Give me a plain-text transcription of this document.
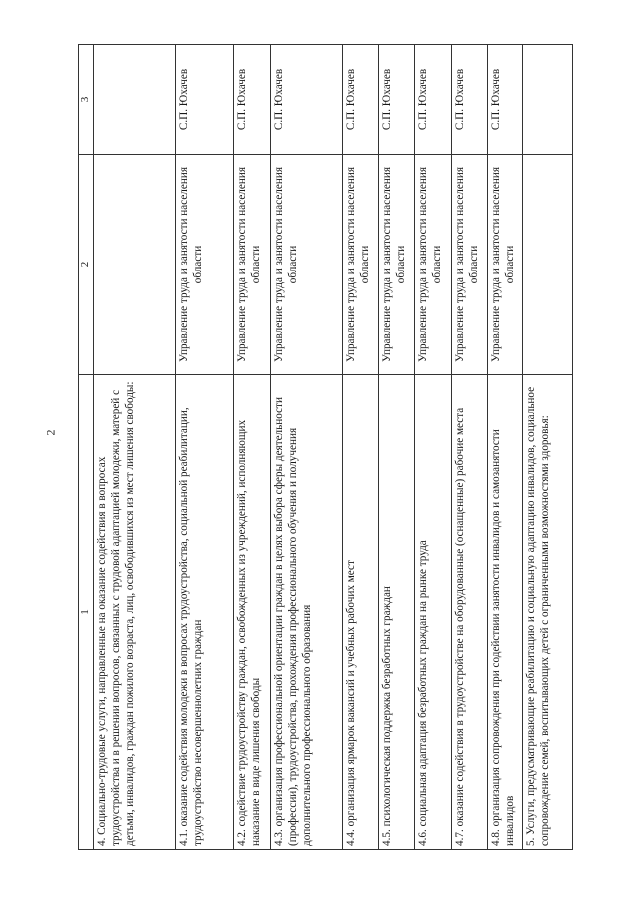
2
1	2	3
4. Социально-трудовые услуги, направленные на оказание содействия в вопросах трудоустройства и в решении вопросов, связанных с трудовой адаптацией молодежи, матерей с детьми, инвалидов, граждан пожилого возраста, лиц, освободившихся из мест лишения свободы:		
4.1. оказание содействия молодежи в вопросах трудоустройства, социальной реабилитации, трудоустройство несовершеннолетних граждан	Управление труда и занятости населения области	С.П. Юхачев
4.2. содействие трудоустройству граждан, освобожденных из учреждений, исполняющих наказание в виде лишения свободы	Управление труда и занятости населения области	С.П. Юхачев
4.3. организация профессиональной ориентации граждан в целях выбора сферы деятельности (профессии), трудоустройства, прохождения профессионального обучения и получения дополнительного профессионального образования	Управление труда и занятости населения области	С.П. Юхачев
4.4. организация ярмарок вакансий и учебных рабочих мест	Управление труда и занятости населения области	С.П. Юхачев
4.5. психологическая поддержка безработных граждан	Управление труда и занятости населения области	С.П. Юхачев
4.6. социальная адаптация безработных граждан на рынке труда	Управление труда и занятости населения области	С.П. Юхачев
4.7. оказание содействия в трудоустройстве на оборудованные (оснащенные) рабочие места	Управление труда и занятости населения области	С.П. Юхачев
4.8. организация сопровождения при содействии занятости инвалидов и самозанятости инвалидов	Управление труда и занятости населения области	С.П. Юхачев
5. Услуги, предусматривающие реабилитацию и социальную адаптацию инвалидов, социальное сопровождение семей, воспитывающих детей с ограниченными возможностями здоровья:		
